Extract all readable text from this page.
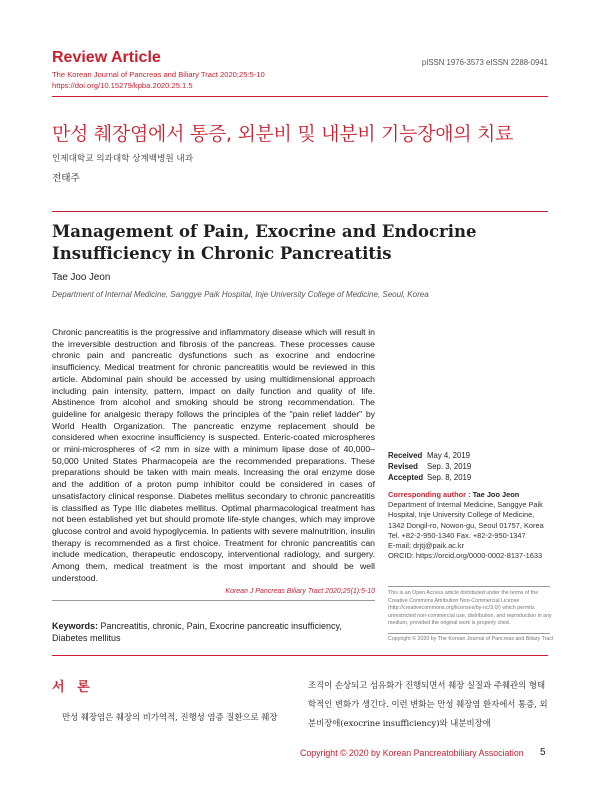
Review Article
The Korean Journal of Pancreas and Biliary Tract 2020;25:5-10
https://doi.org/10.15279/kpba.2020.25.1.5
pISSN 1976-3573 eISSN 2288-0941
만성 췌장염에서 통증, 외분비 및 내분비 기능장애의 치료
인제대학교 의과대학 상계백병원 내과
전태주
Management of Pain, Exocrine and Endocrine Insufficiency in Chronic Pancreatitis
Tae Joo Jeon
Department of Internal Medicine, Sanggye Paik Hospital, Inje University College of Medicine, Seoul, Korea
Chronic pancreatitis is the progressive and inflammatory disease which will result in the irreversible destruction and fibrosis of the pancreas. These processes cause chronic pain and pancreatic dysfunctions such as exocrine and endocrine insufficiency. Medical treatment for chronic pancreatitis would be reviewed in this article. Abdominal pain should be accessed by using multidimensional approach including pain intensity, pattern, impact on daily function and quality of life. Abstinence from alcohol and smoking should be strong recommendation. The guideline for analgesic therapy follows the principles of the "pain relief ladder" by World Health Organization. The pancreatic enzyme replacement should be considered when exocrine insufficiency is suspected. Enteric-coated microspheres or mini-microspheres of <2 mm in size with a minimum lipase dose of 40,000–50,000 United States Pharmacopeia are the recommended preparations. These preparations should be taken with main meals. Increasing the oral enzyme dose and the addition of a proton pump inhibitor could be considered in cases of unsatisfactory clinical response. Diabetes mellitus secondary to chronic pancreatitis is classified as Type IIIc diabetes mellitus. Optimal pharmacological treatment has not been established yet but should promote life-style changes, which may improve glucose control and avoid hypoglycemia. In patients with severe malnutrition, insulin therapy is recommended as a first choice. Treatment for chronic pancreatitis can include medication, therapeutic endoscopy, interventional radiology, and surgery. Among them, medical treatment is the most important and should be well understood.
Korean J Pancreas Biliary Tract 2020;25(1):5-10
Keywords: Pancreatitis, chronic, Pain, Exocrine pancreatic insufficiency, Diabetes mellitus
Received May 4, 2019
Revised	Sep. 3, 2019
Accepted Sep. 8, 2019
Corresponding author : Tae Joo Jeon
Department of Internal Medicine, Sanggye Paik
Hospital, Inje University College of Medicine,
1342 Dongil-ro, Nowon-gu, Seoul 01757, Korea
Tel. +82-2-950-1340 Fax. +82-2-950-1347
E-mail; drjtj@paik.ac.kr
ORCID: https://orcid.org/0000-0002-8137-1633
This is an Open Access article distributed under the terms of the Creative Commons Attribution Non-Commercial License (http://creativecommons.org/licenses/by-nc/3.0/) which permits unrestricted non-commercial use, distribution, and reproduction in any medium, provided the original work is properly cited.
Copyright © 2020 by The Korean Journal of Pancreas and Biliary Tract
서 론
만성 췌장염은 췌장의 비가역적, 진행성 염증 질환으로 췌장
조직이 손상되고 섬유화가 진행되면서 췌장 실질과 주췌관의 형태학적인 변화가 생긴다. 이런 변화는 만성 췌장염 환자에서 통증, 외분비장애(exocrine insufficiency)와 내분비장애
Copyright © 2020 by Korean Pancreatobiliary Association 5
